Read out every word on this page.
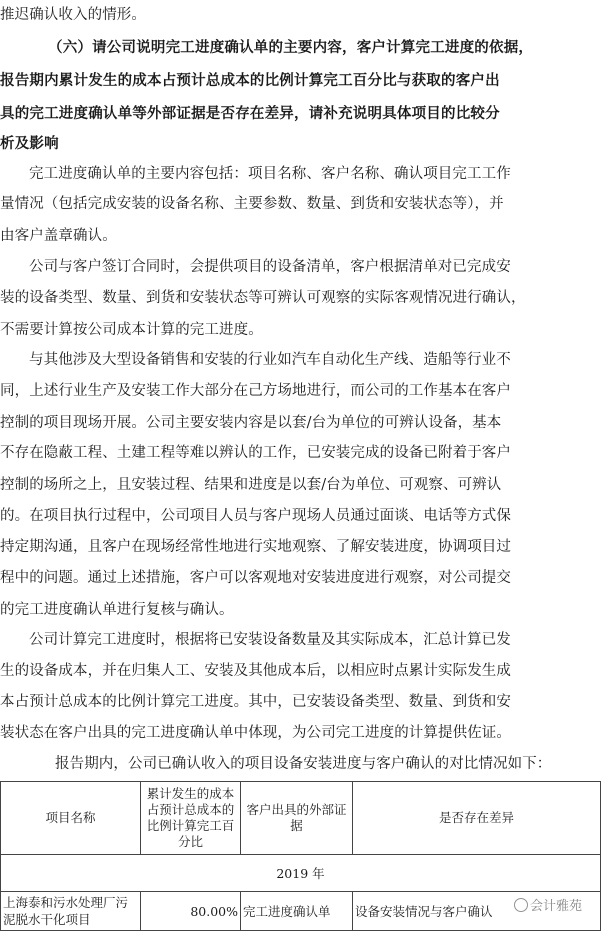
推迟确认收入的情形。
（六）请公司说明完工进度确认单的主要内容，客户计算完工进度的依据，
报告期内累计发生的成本占预计总成本的比例计算完工百分比与获取的客户出
具的完工进度确认单等外部证据是否存在差异，请补充说明具体项目的比较分
析及影响
完工进度确认单的主要内容包括：项目名称、客户名称、确认项目完工工作
量情况（包括完成安装的设备名称、主要参数、数量、到货和安装状态等），并
由客户盖章确认。
公司与客户签订合同时，会提供项目的设备清单，客户根据清单对已完成安
装的设备类型、数量、到货和安装状态等可辨认可观察的实际客观情况进行确认，
不需要计算按公司成本计算的完工进度。
与其他涉及大型设备销售和安装的行业如汽车自动化生产线、造船等行业不
同，上述行业生产及安装工作大部分在己方场地进行，而公司的工作基本在客户
控制的项目现场开展。公司主要安装内容是以套/台为单位的可辨认设备，基本
不存在隐蔽工程、土建工程等难以辨认的工作，已安装完成的设备已附着于客户
控制的场所之上，且安装过程、结果和进度是以套/台为单位、可观察、可辨认
的。在项目执行过程中，公司项目人员与客户现场人员通过面谈、电话等方式保
持定期沟通，且客户在现场经常性地进行实地观察、了解安装进度，协调项目过
程中的问题。通过上述措施，客户可以客观地对安装进度进行观察，对公司提交
的完工进度确认单进行复核与确认。
公司计算完工进度时，根据将已安装设备数量及其实际成本，汇总计算已发
生的设备成本，并在归集人工、安装及其他成本后，以相应时点累计实际发生成
本占预计总成本的比例计算完工进度。其中，已安装设备类型、数量、到货和安
装状态在客户出具的完工进度确认单中体现，为公司完工进度的计算提供佐证。
报告期内，公司已确认收入的项目设备安装进度与客户确认的对比情况如下：
项目名称	累计发生的成本占预计总成本的比例计算完工百分比	客户出具的外部证据	是否存在差异
2019 年			
上海泰和污水处理厂污泥脱水干化项目	80.00%	完工进度确认单	设备安装情况与客户确认	会计雅苑
